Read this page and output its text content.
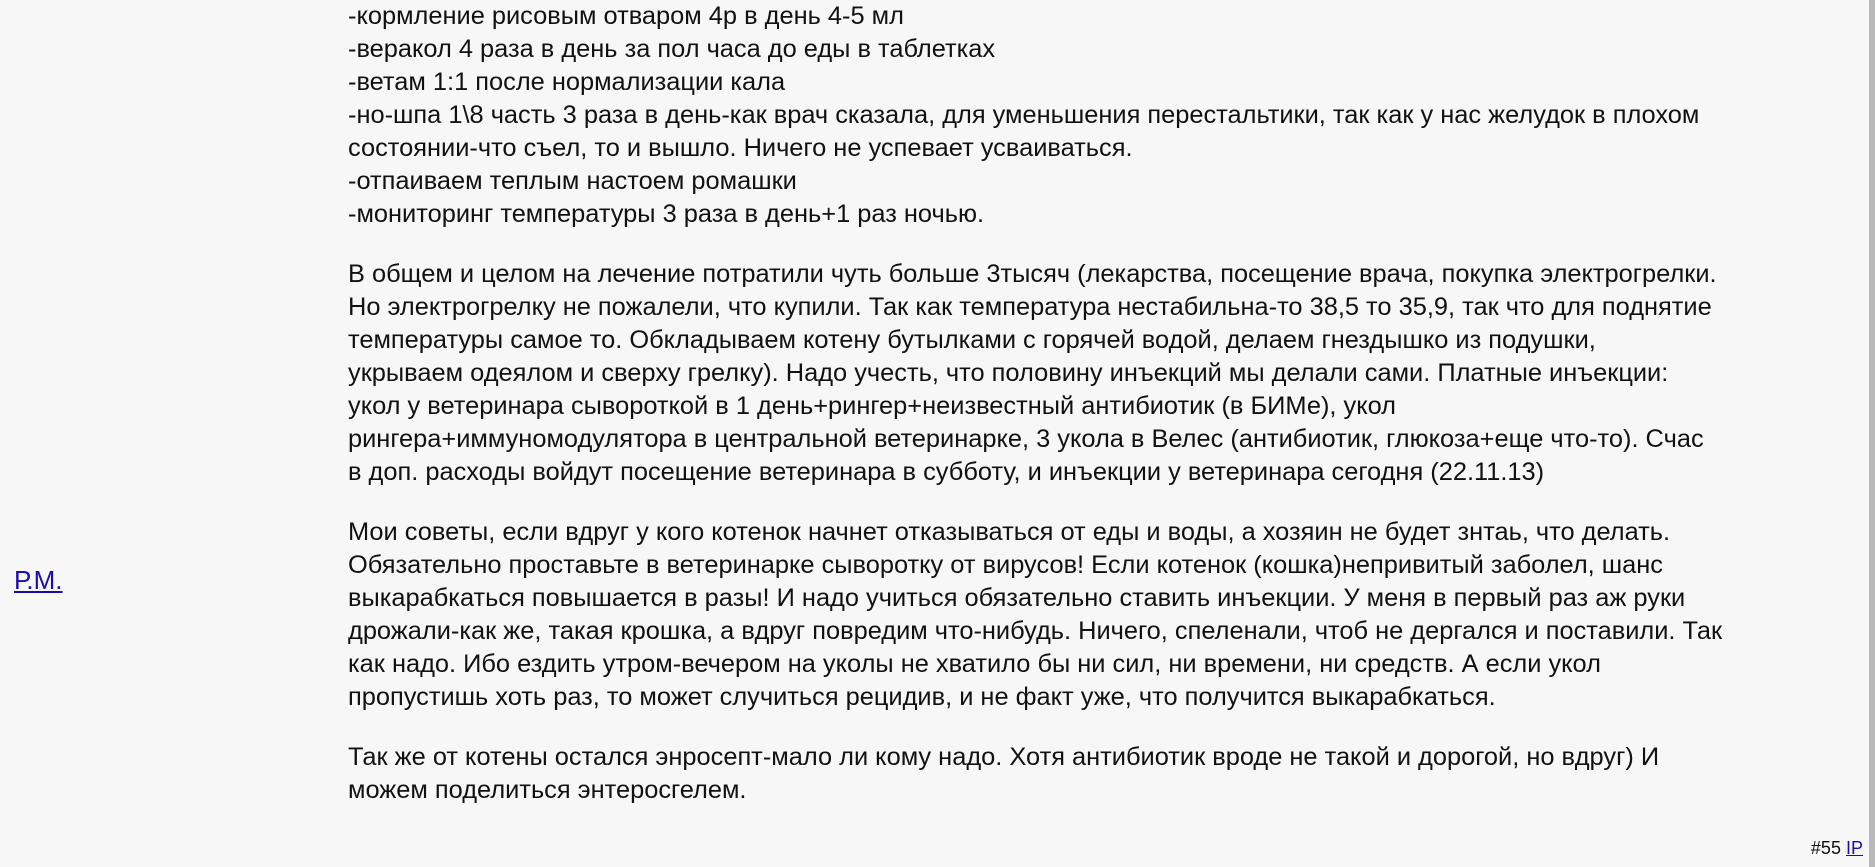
Р.М.
-кормление рисовым отваром 4р в день 4-5 мл
-веракол 4 раза в день за пол часа до еды в таблетках
-ветам 1:1 после нормализации кала
-но-шпа 1\8 часть 3 раза в день-как врач сказала, для уменьшения перестальтики, так как у нас желудок в плохом
состоянии-что съел, то и вышло. Ничего не успевает усваиваться.
-отпаиваем теплым настоем ромашки
-мониторинг температуры 3 раза в день+1 раз ночью.
В общем и целом на лечение потратили чуть больше 3тысяч (лекарства, посещение врача, покупка электрогрелки.
Но электрогрелку не пожалели, что купили. Так как температура нестабильна-то 38,5 то 35,9, так что для поднятие
температуры самое то. Обкладываем котену бутылками с горячей водой, делаем гнездышко из подушки,
укрываем одеялом и сверху грелку). Надо учесть, что половину инъекций мы делали сами. Платные инъекции:
укол у ветеринара сывороткой в 1 день+рингер+неизвестный антибиотик (в БИМе), укол
рингера+иммуномодулятора в центральной ветеринарке, 3 укола в Велес (антибиотик, глюкоза+еще что-то). Счас
в доп. расходы войдут посещение ветеринара в субботу, и инъекции у ветеринара сегодня (22.11.13)
Мои советы, если вдруг у кого котенок начнет отказываться от еды и воды, а хозяин не будет знтаь, что делать.
Обязательно проставьте в ветеринарке сыворотку от вирусов! Если котенок (кошка)непривитый заболел, шанс
выкарабкаться повышается в разы! И надо учиться обязательно ставить инъекции. У меня в первый раз аж руки
дрожали-как же, такая крошка, а вдруг повредим что-нибудь. Ничего, спеленали, чтоб не дергался и поставили. Так
как надо. Ибо ездить утром-вечером на уколы не хватило бы ни сил, ни времени, ни средств. А если укол
пропустишь хоть раз, то может случиться рецидив, и не факт уже, что получится выкарабкаться.
Так же от котены остался энросепт-мало ли кому надо. Хотя антибиотик вроде не такой и дорогой, но вдруг) И
можем поделиться энтеросгелем.
#55 IP
